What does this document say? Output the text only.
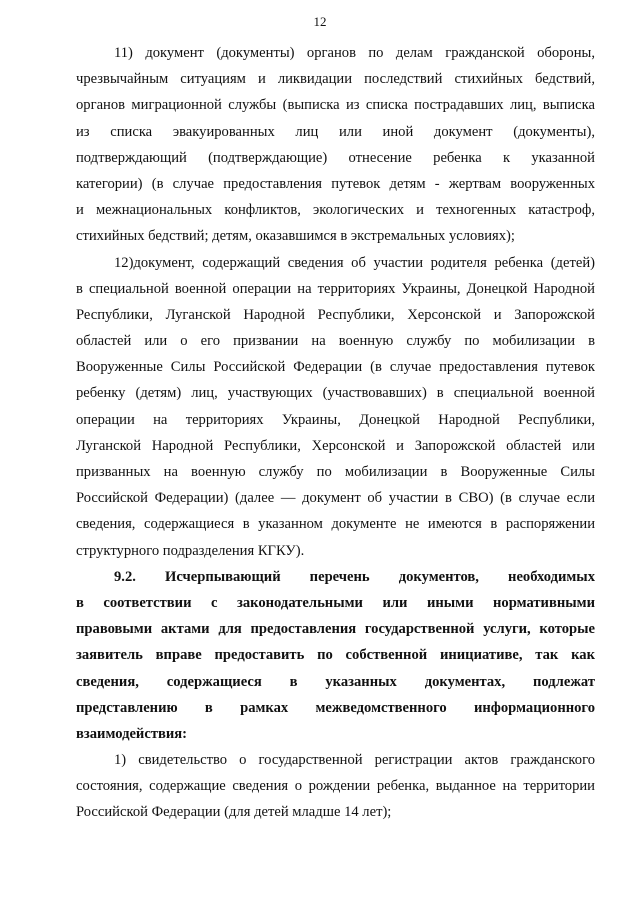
12
11) документ (документы) органов по делам гражданской обороны,
чрезвычайным ситуациям и ликвидации последствий стихийных бедствий,
органов миграционной службы (выписка из списка пострадавших лиц, выписка
из списка эвакуированных лиц или иной документ (документы),
подтверждающий (подтверждающие) отнесение ребенка к указанной
категории) (в случае предоставления путевок детям - жертвам вооруженных
и межнациональных конфликтов, экологических и техногенных катастроф,
стихийных бедствий; детям, оказавшимся в экстремальных условиях);
12)документ, содержащий сведения об участии родителя ребенка (детей)
в специальной военной операции на территориях Украины, Донецкой Народной
Республики, Луганской Народной Республики, Херсонской и Запорожской
областей или о его призвании на военную службу по мобилизации в
Вооруженные Силы Российской Федерации (в случае предоставления путевок
ребенку (детям) лиц, участвующих (участвовавших) в специальной военной
операции на территориях Украины, Донецкой Народной Республики,
Луганской Народной Республики, Херсонской и Запорожской областей или
призванных на военную службу по мобилизации в Вооруженные Силы
Российской Федерации) (далее — документ об участии в СВО) (в случае если
сведения, содержащиеся в указанном документе не имеются в распоряжении
структурного подразделения КГКУ).
9.2. Исчерпывающий перечень документов, необходимых
в соответствии с законодательными или иными нормативными
правовыми актами для предоставления государственной услуги, которые
заявитель вправе предоставить по собственной инициативе, так как
сведения, содержащиеся в указанных документах, подлежат
представлению в рамках межведомственного информационного
взаимодействия:
1) свидетельство о государственной регистрации актов гражданского
состояния, содержащие сведения о рождении ребенка, выданное на территории
Российской Федерации (для детей младше 14 лет);
